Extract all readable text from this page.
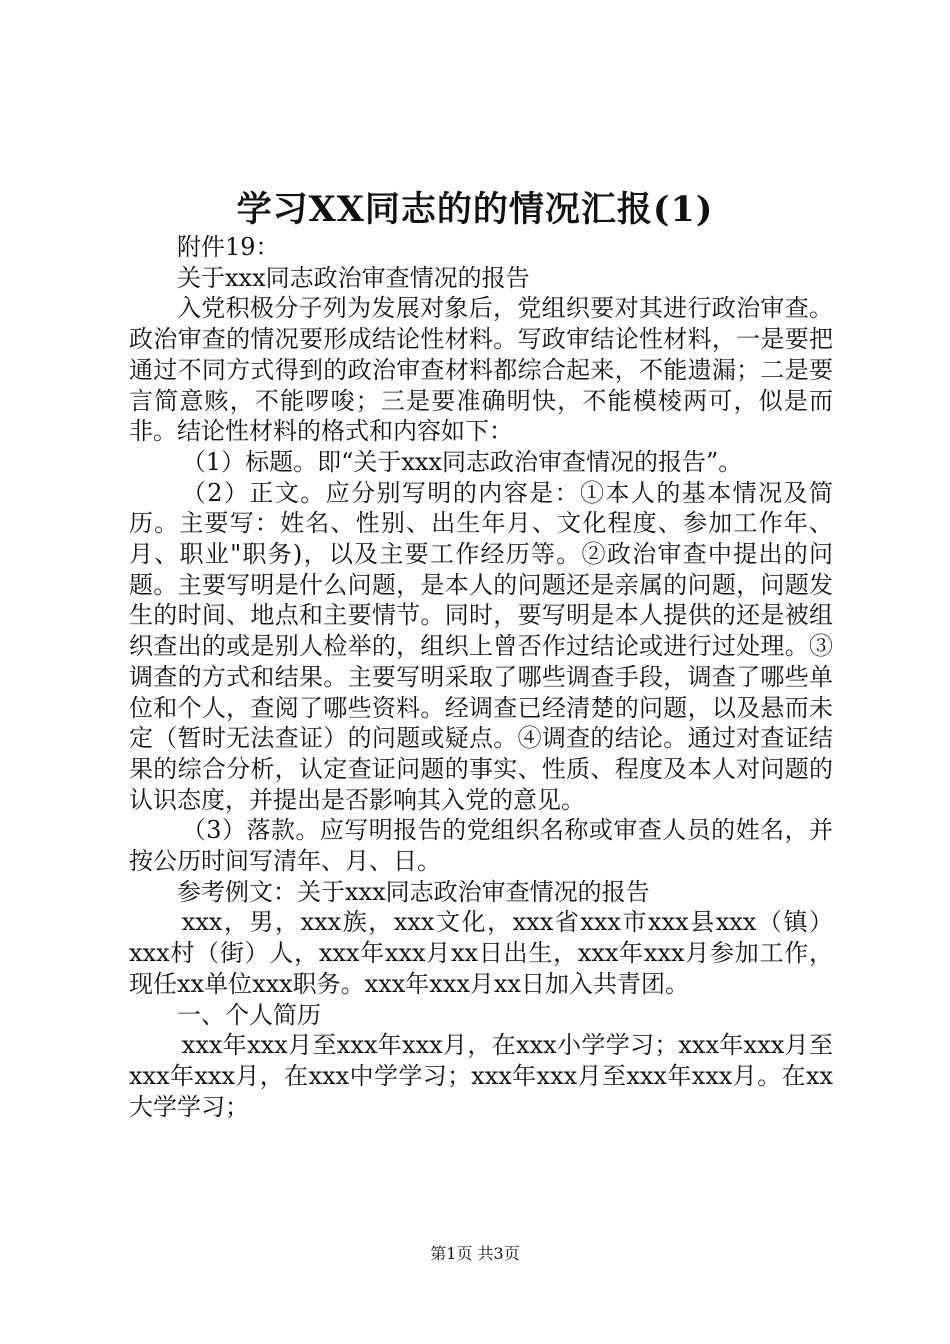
学习XX同志的的情况汇报(1)

附件19：

关于xxx同志政治审查情况的报告

入党积极分子列为发展对象后，党组织要对其进行政治审查。政治审查的情况要形成结论性材料。写政审结论性材料，一是要把通过不同方式得到的政治审查材料都综合起来，不能遗漏；二是要言简意赅，不能啰唆；三是要准确明快，不能模棱两可，似是而非。结论性材料的格式和内容如下：

（1）标题。即“关于xxx同志政治审查情况的报告”。

（2）正文。应分别写明的内容是：①本人的基本情况及简历。主要写：姓名、性别、出生年月、文化程度、参加工作年、月、职业"职务)，以及主要工作经历等。②政治审查中提出的问题。主要写明是什么问题，是本人的问题还是亲属的问题，问题发生的时间、地点和主要情节。同时，要写明是本人提供的还是被组织查出的或是别人检举的，组织上曾否作过结论或进行过处理。③调查的方式和结果。主要写明采取了哪些调查手段，调查了哪些单位和个人，查阅了哪些资料。经调查已经清楚的问题，以及悬而未定（暂时无法查证）的问题或疑点。④调查的结论。通过对查证结果的综合分析，认定查证问题的事实、性质、程度及本人对问题的认识态度，并提出是否影响其入党的意见。

（3）落款。应写明报告的党组织名称或审查人员的姓名，并按公历时间写清年、月、日。

参考例文：关于xxx同志政治审查情况的报告

xxx，男，xxx族，xxx文化，xxx省xxx市xxx县xxx（镇）xxx村（街）人，xxx年xxx月xx日出生，xxx年xxx月参加工作，现任xx单位xxx职务。xxx年xxx月xx日加入共青团。

一、个人简历

xxx年xxx月至xxx年xxx月，在xxx小学学习；xxx年xxx月至xxx年xxx月，在xxx中学学习；xxx年xxx月至xxx年xxx月。在xx大学学习；

第1页 共3页
